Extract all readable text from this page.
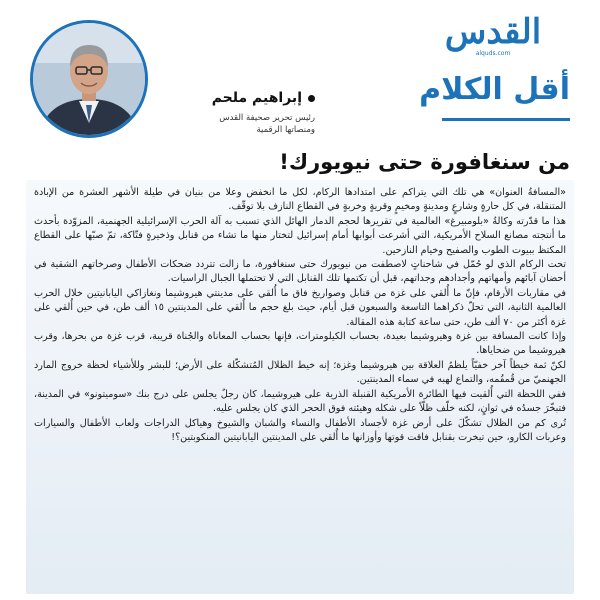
القدس
alquds.com
أقل الكلام
إبراهيم ملحم
رئيس تحرير صحيفة القدس
ومنصاتها الرقمية
من سنغافورة حتى نيويورك!

«المسافةُ العنوان» هي تلك التي يتراكم على امتدادها الركام، لكل ما انخفض وعلا من بنيان في طيلة الأشهر العشرة من الإبادة المتنقلة، في كل حارةٍ وشارعٍ ومدينةٍ ومخيمٍ وقريةٍ وخربةٍ في القطاع النازف بلا توقّف.

هذا ما قدّرته وكالةُ «بلومبيرغ» العالمية في تقريرها لحجم الدمار الهائل الذي تسبب به آلة الحرب الإسرائيلية الجهنمية، المزوّدة بأحدث ما أنتجته مصانع السلاح الأمريكية، التي أشرعت أبوابها أمام إسرائيل لتختار منها ما تشاء من قنابل وذخيرةٍ فتّاكة، تمّ صبّها على القطاع المكتظ ببيوت الطوب والصفيح وخيام النازحين.

تحت الركام الذي لو حُمّل في شاحناتٍ لاصطفت من نيويورك حتى سنغافورة، ما زالت تتردد ضحكات الأطفال وصرخاتهم الشقية في أحضان آبائهم وأمهاتهم وأجدادهم وجداتهم، قبل أن تكتمها تلك القنابل التي لا تحتملها الجبال الراسيات.

في مقاربات الأرقام، فإنّ ما أُلقي على غزة من قنابل وصواريخ فاق ما أُلقي على مدينتي هيروشيما ونغازاكي اليابانيتين خلال الحرب العالمية الثانية، التي تحلّ ذكراهما التاسعة والسبعون قبل أيام، حيث بلغ حجم ما أُلقي على المدينتين ١٥ ألف طن، في حين أُلقي على غزة أكثر من ٧٠ ألف طن، حتى ساعة كتابة هذه المقالة.

وإذا كانت المسافة بين غزة وهيروشيما بعيدة، بحساب الكيلومترات، فإنها بحساب المعاناة والجُناة قريبة، قرب غزة من بحرها، وقرب هيروشيما من ضحاياها.

لكنّ ثمة خيطاً آخر خفيّاً يلظمُ العلاقة بين هيروشيما وغزة؛ إنه خيط الظلال المُتشكّلة على الأرض؛ للبشر وللأشياء لحظة خروج المارد الجهنميّ من قُمقُمه، والتماع لهبه في سماء المدينتين.

ففي اللحظة التي أُلقيت فيها الطائرة الأمريكية القنبلة الذرية على هيروشيما، كان رجلٌ يجلس على درج بنك «سوميتونو» في المدينة، فتبخّرَ جسدُه في ثوانٍ، لكنه خلّف ظلّاً على شكله وهيئته فوق الحجر الذي كان يجلس عليه.

تُرى كم من الظلال تشكّلَ على أرض غزة لأجساد الأطفال والنساء والشبان والشيوخ وهياكل الدراجات ولعاب الأطفال والسيارات وعربات الكارو، حين تبخرت بقنابل فاقت قوتها وأوزانها ما أُلقي على المدينتين اليابانيتين المنكوبتين؟!
